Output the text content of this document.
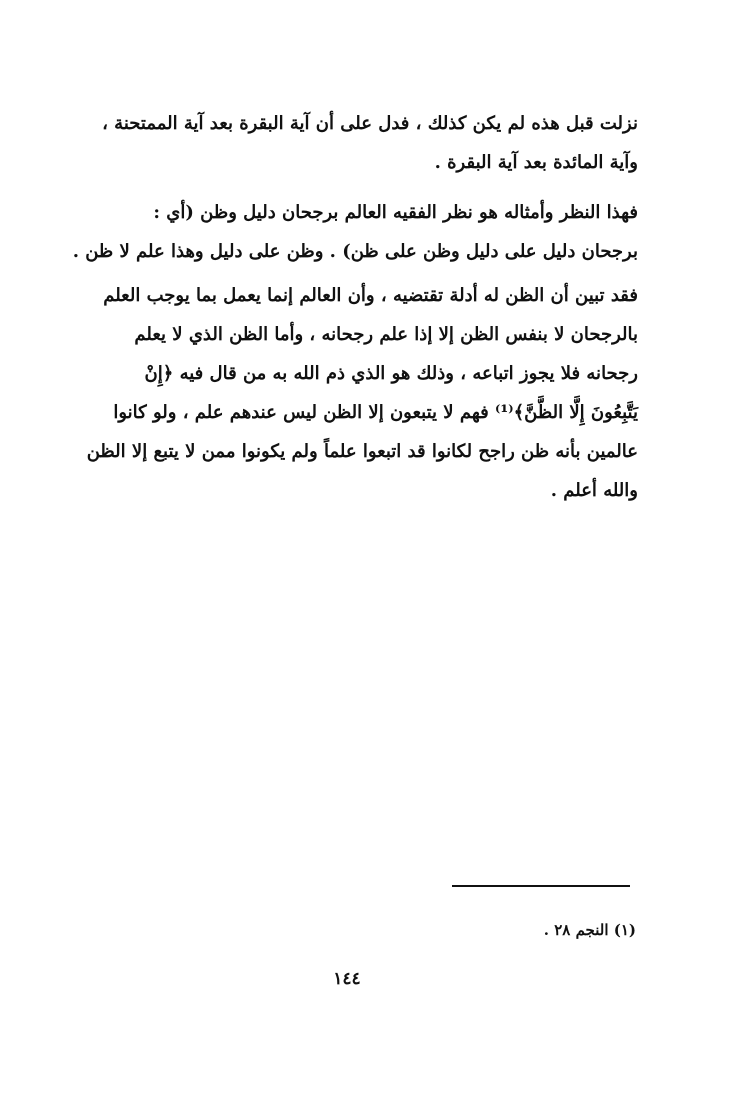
نزلت قبل هذه لم يكن كذلك ، فدل على أن آية البقرة بعد آية الممتحنة ،
وآية المائدة بعد آية البقرة .
فهذا النظر وأمثاله هو نظر الفقيه العالم برجحان دليل وظن (أي :
برجحان دليل على دليل وظن على ظن) . وظن على دليل وهذا علم لا ظن .
فقد تبين أن الظن له أدلة تقتضيه ، وأن العالم إنما يعمل بما يوجب العلم
بالرجحان لا بنفس الظن إلا إذا علم رجحانه ، وأما الظن الذي لا يعلم
رجحانه فلا يجوز اتباعه ، وذلك هو الذي ذم الله به من قال فيه ﴿إِنْ
يَتَّبِعُونَ إِلَّا الظَّنَّ﴾⁽¹⁾ فهم لا يتبعون إلا الظن ليس عندهم علم ، ولو كانوا
عالمين بأنه ظن راجح لكانوا قد اتبعوا علماً ولم يكونوا ممن لا يتبع إلا الظن
والله أعلم .
(١) النجم ٢٨ .
١٤٤
